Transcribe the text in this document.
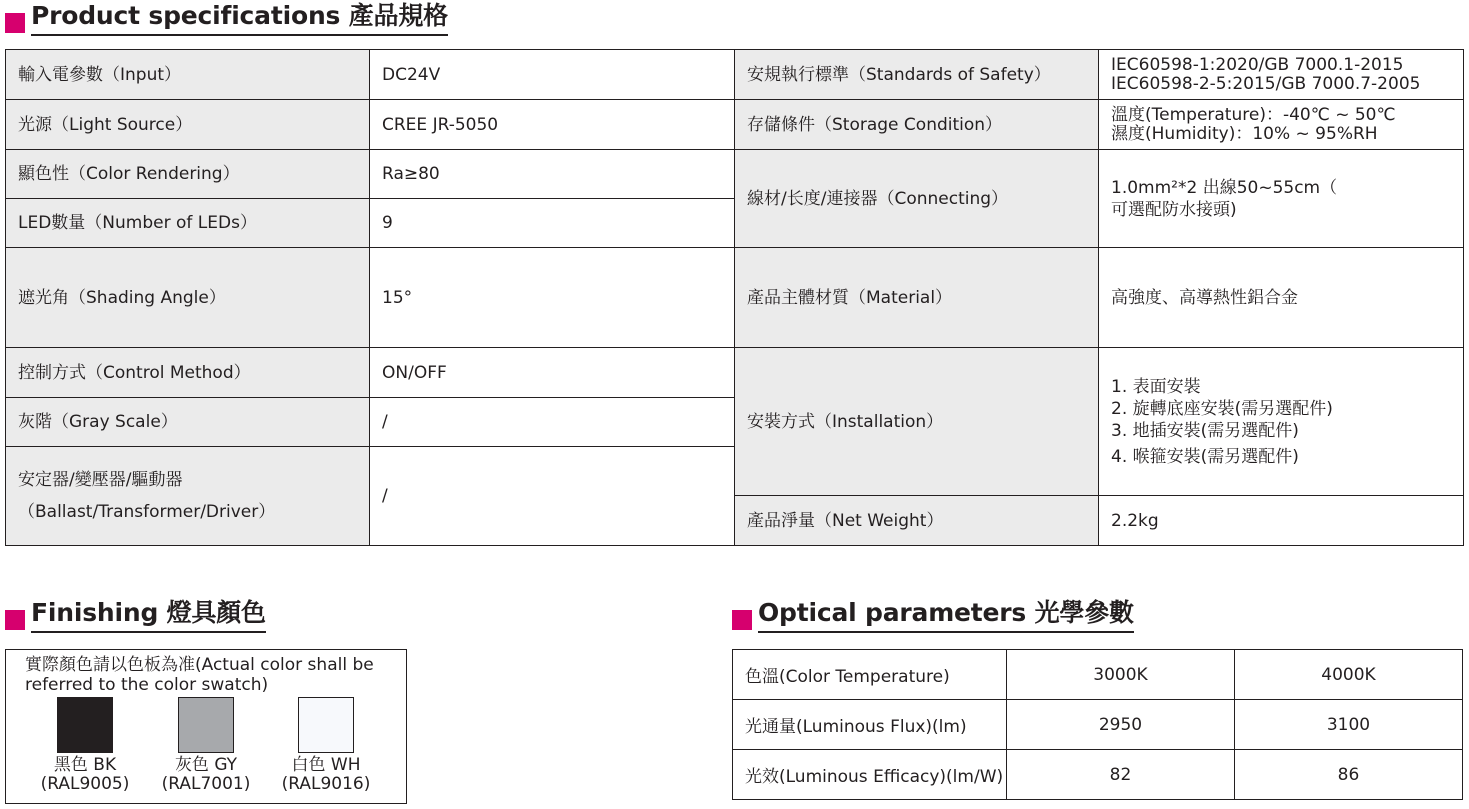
Product specifications 產品規格
輸入電參數（Input）	DC24V	安規執行標準（Standards of Safety）	IEC60598-1:2020/GB 7000.1-2015
IEC60598-2-5:2015/GB 7000.7-2005

光源（Light Source）	CREE JR-5050	存儲條件（Storage Condition）	溫度(Temperature)：-40℃ ~ 50℃
濕度(Humidity)：10% ~ 95%RH

顯色性（Color Rendering）	Ra≥80	線材/长度/連接器（Connecting）	1.0mm²*2 出線50~55cm（
可選配防水接頭)

LED數量（Number of LEDs）	9		
遮光角（Shading Angle）	15°	產品主體材質（Material）	高強度、高導熱性鋁合金
控制方式（Control Method）	ON/OFF	安裝方式（Installation）	1. 表面安裝
2. 旋轉底座安裝(需另選配件)
3. 地插安裝(需另選配件)
4. 喉箍安裝(需另選配件)

灰階（Gray Scale）	/		

安定器/變壓器/驅動器
（Ballast/Transformer/Driver）	/		
		產品淨量（Net Weight）	2.2kg
Finishing 燈具顏色
實際顏色請以色板為准(Actual color shall be referred to the color swatch)
黑色 BK
(RAL9005)
灰色 GY
(RAL7001)
白色 WH
(RAL9016)
Optical parameters 光學參數
色溫(Color Temperature)	3000K	4000K
光通量(Luminous Flux)(lm)	2950	3100
光效(Luminous Efficacy)(lm/W)	82	86
